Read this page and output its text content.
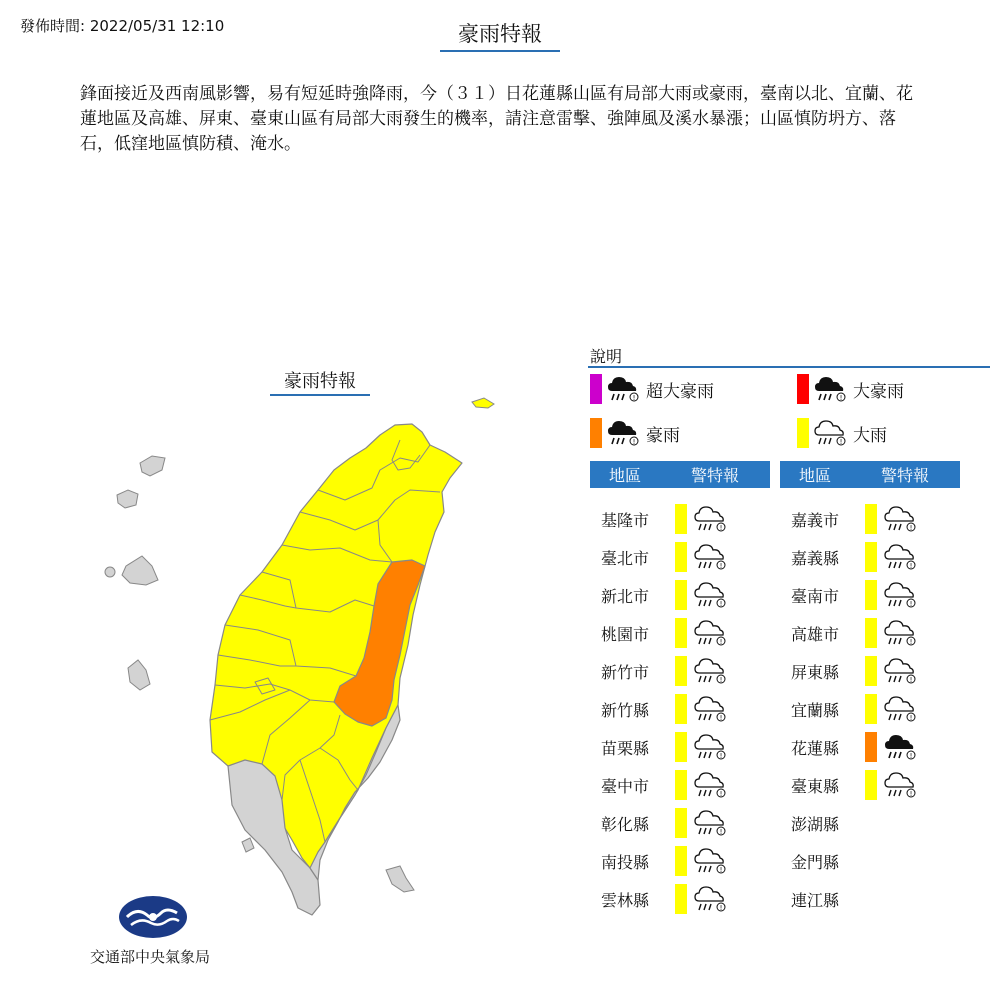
發佈時間: 2022/05/31 12:10	豪雨特報
鋒面接近及西南風影響，易有短延時強降雨，今（３１）日花蓮縣山區有局部大雨或豪雨，臺南以北、宜蘭、花蓮地區及高雄、屏東、臺東山區有局部大雨發生的機率，請注意雷擊、強陣風及溪水暴漲；山區慎防坍方、落石，低窪地區慎防積、淹水。
豪雨特報
說明
! 超大豪雨	! 大豪雨
! 豪雨	! 大雨
地區	警特報	地區	警特報
基隆市	!
臺北市	!
新北市	!
桃園市	!
新竹市	!
新竹縣	!
苗栗縣	!
臺中市	!
彰化縣	!
南投縣	!
雲林縣	!
嘉義市	!
嘉義縣	!
臺南市	!
高雄市	!
屏東縣	!
宜蘭縣	!
花蓮縣	!
臺東縣	!
澎湖縣
金門縣
連江縣
交通部中央氣象局
